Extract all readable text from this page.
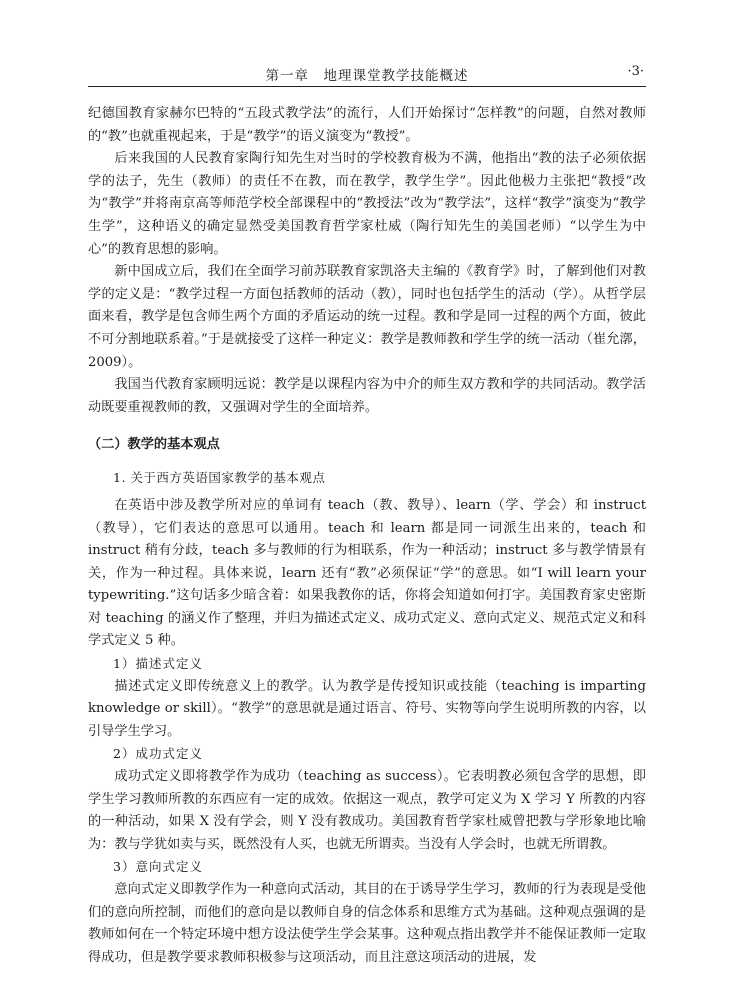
第一章　地理课堂教学技能概述	·3·

纪德国教育家赫尔巴特的“五段式教学法”的流行，人们开始探讨“怎样教”的问题，自然对教师的“教”也就重视起来，于是“教学”的语义演变为“教授”。

后来我国的人民教育家陶行知先生对当时的学校教育极为不满，他指出“教的法子必须依据学的法子，先生（教师）的责任不在教，而在教学，教学生学”。因此他极力主张把“教授”改为“教学”并将南京高等师范学校全部课程中的“教授法”改为“教学法”，这样“教学”演变为“教学生学”，这种语义的确定显然受美国教育哲学家杜威（陶行知先生的美国老师）“以学生为中心”的教育思想的影响。

新中国成立后，我们在全面学习前苏联教育家凯洛夫主编的《教育学》时，了解到他们对教学的定义是：“教学过程一方面包括教师的活动（教），同时也包括学生的活动（学）。从哲学层面来看，教学是包含师生两个方面的矛盾运动的统一过程。教和学是同一过程的两个方面，彼此不可分割地联系着。”于是就接受了这样一种定义：教学是教师教和学生学的统一活动（崔允漷，2009）。

我国当代教育家顾明远说：教学是以课程内容为中介的师生双方教和学的共同活动。教学活动既要重视教师的教，又强调对学生的全面培养。

（二）教学的基本观点
1. 关于西方英语国家教学的基本观点

在英语中涉及教学所对应的单词有 teach（教、教导）、learn（学、学会）和 instruct（教导），它们表达的意思可以通用。teach 和 learn 都是同一词派生出来的，teach 和 instruct 稍有分歧，teach 多与教师的行为相联系，作为一种活动；instruct 多与教学情景有关，作为一种过程。具体来说，learn 还有“教”必须保证“学”的意思。如“I will learn your typewriting.”这句话多少暗含着：如果我教你的话，你将会知道如何打字。美国教育家史密斯对 teaching 的涵义作了整理，并归为描述式定义、成功式定义、意向式定义、规范式定义和科学式定义 5 种。

1）描述式定义

描述式定义即传统意义上的教学。认为教学是传授知识或技能（teaching is imparting knowledge or skill）。“教学”的意思就是通过语言、符号、实物等向学生说明所教的内容，以引导学生学习。

2）成功式定义

成功式定义即将教学作为成功（teaching as success）。它表明教必须包含学的思想，即学生学习教师所教的东西应有一定的成效。依据这一观点，教学可定义为 X 学习 Y 所教的内容的一种活动，如果 X 没有学会，则 Y 没有教成功。美国教育哲学家杜威曾把教与学形象地比喻为：教与学犹如卖与买，既然没有人买，也就无所谓卖。当没有人学会时，也就无所谓教。

3）意向式定义

意向式定义即教学作为一种意向式活动，其目的在于诱导学生学习，教师的行为表现是受他们的意向所控制，而他们的意向是以教师自身的信念体系和思维方式为基础。这种观点强调的是教师如何在一个特定环境中想方设法使学生学会某事。这种观点指出教学并不能保证教师一定取得成功，但是教学要求教师积极参与这项活动，而且注意这项活动的进展，发
